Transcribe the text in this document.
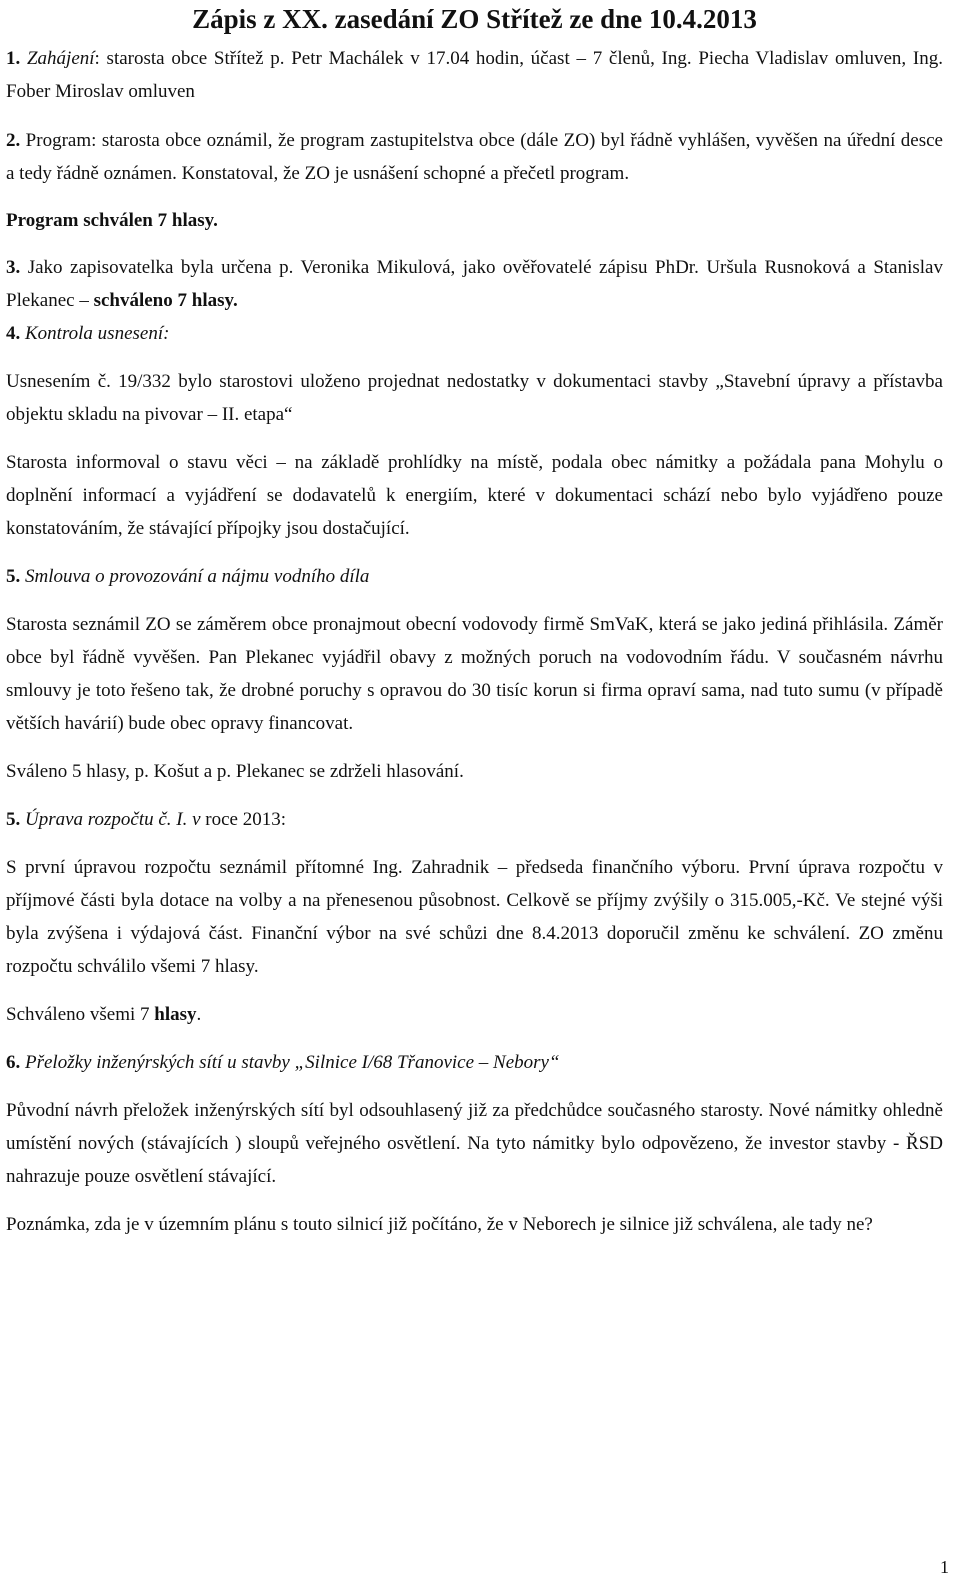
Zápis z XX. zasedání ZO Střítež ze dne 10.4.2013

1. Zahájení: starosta obce Střítež p. Petr Machálek v 17.04 hodin, účast – 7 členů, Ing. Piecha Vladislav omluven, Ing. Fober Miroslav omluven

2. Program: starosta obce oznámil, že program zastupitelstva obce (dále ZO) byl řádně vyhlášen, vyvěšen na úřední desce a tedy řádně oznámen. Konstatoval, že ZO je usnášení schopné a přečetl program.

Program schválen 7 hlasy.

3. Jako zapisovatelka byla určena p. Veronika Mikulová, jako ověřovatelé zápisu PhDr. Uršula Rusnoková a Stanislav Plekanec – schváleno 7 hlasy.

4. Kontrola usnesení:

Usnesením č. 19/332 bylo starostovi uloženo projednat nedostatky v dokumentaci stavby „Stavební úpravy a přístavba objektu skladu na pivovar – II. etapa“

Starosta informoval o stavu věci – na základě prohlídky na místě, podala obec námitky a požádala pana Mohylu o doplnění informací a vyjádření se dodavatelů k energiím, které v dokumentaci schází nebo bylo vyjádřeno pouze konstatováním, že stávající přípojky jsou dostačující.

5. Smlouva o provozování a nájmu vodního díla

Starosta seznámil ZO se záměrem obce pronajmout obecní vodovody firmě SmVaK, která se jako jediná přihlásila. Záměr obce byl řádně vyvěšen. Pan Plekanec vyjádřil obavy z možných poruch na vodovodním řádu. V současném návrhu smlouvy je toto řešeno tak, že drobné poruchy s opravou do 30 tisíc korun si firma opraví sama, nad tuto sumu (v případě větších havárií) bude obec opravy financovat.

Sváleno 5 hlasy, p. Košut a p. Plekanec se zdrželi hlasování.

5. Úprava rozpočtu č. I. v roce 2013:

S první úpravou rozpočtu seznámil přítomné Ing. Zahradnik – předseda finančního výboru. První úprava rozpočtu v příjmové části byla dotace na volby a na přenesenou působnost. Celkově se příjmy zvýšily o 315.005,-Kč. Ve stejné výši byla zvýšena i výdajová část. Finanční výbor na své schůzi dne 8.4.2013 doporučil změnu ke schválení. ZO změnu rozpočtu schválilo všemi 7 hlasy.

Schváleno všemi 7 hlasy.

6. Přeložky inženýrských sítí u stavby „Silnice I/68 Třanovice – Nebory“

Původní návrh přeložek inženýrských sítí byl odsouhlasený již za předchůdce současného starosty. Nové námitky ohledně umístění nových (stávajících ) sloupů veřejného osvětlení. Na tyto námitky bylo odpovězeno, že investor stavby - ŘSD nahrazuje pouze osvětlení stávající.

Poznámka, zda je v územním plánu s touto silnicí již počítáno, že v Neborech je silnice již schválena, ale tady ne?

1
